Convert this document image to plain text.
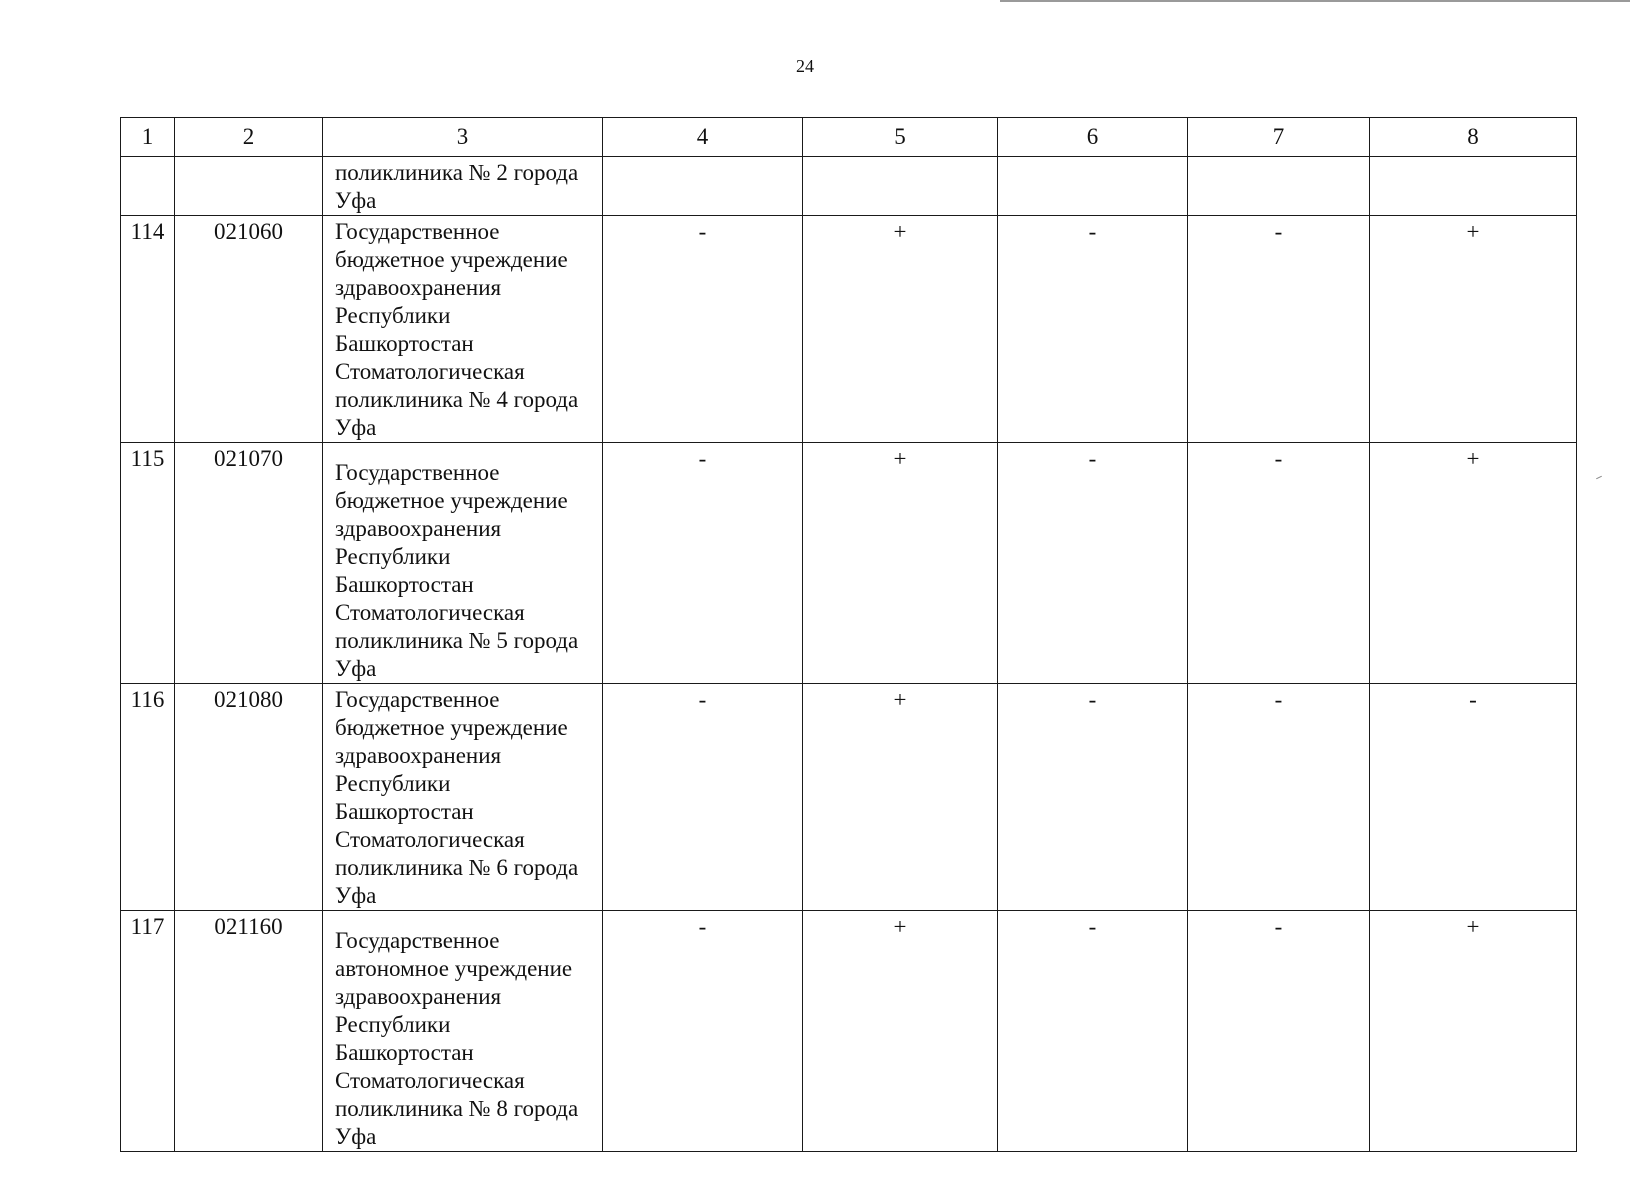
24
1	2	3	4	5	6	7	8
		поликлиника № 2 города Уфа					
114	021060	Государственное бюджетное учреждение здравоохранения Республики Башкортостан Стоматологическая поликлиника № 4 города Уфа	-	+	-	-	+
115	021070	Государственное бюджетное учреждение здравоохранения Республики Башкортостан Стоматологическая поликлиника № 5 города Уфа	-	+	-	-	+
116	021080	Государственное бюджетное учреждение здравоохранения Республики Башкортостан Стоматологическая поликлиника № 6 города Уфа	-	+	-	-	-
117	021160	Государственное автономное учреждение здравоохранения Республики Башкортостан Стоматологическая поликлиника № 8 города Уфа	-	+	-	-	+
